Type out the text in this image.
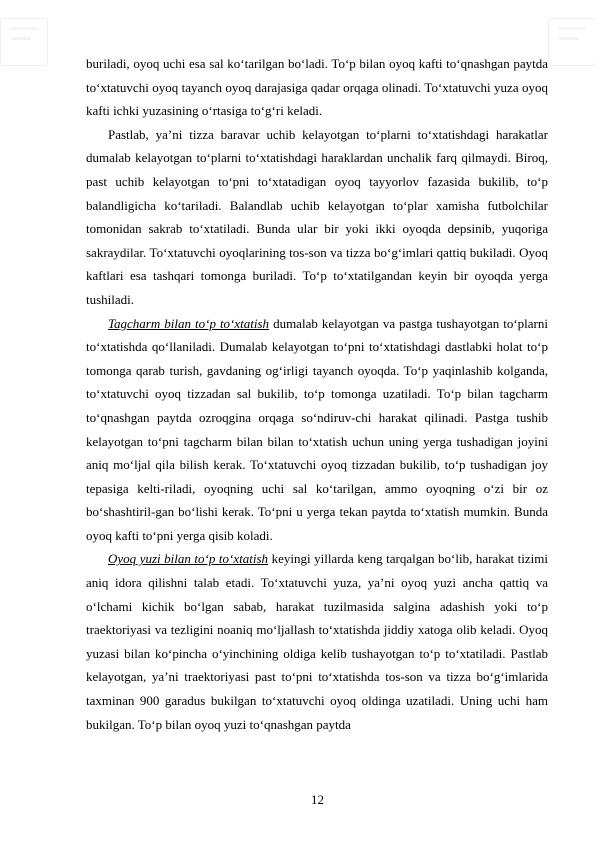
buriladi, oyoq uchi esa sal ko‘tarilgan bo‘ladi. To‘p bilan oyoq kafti to‘qnashgan paytda to‘xtatuvchi oyoq tayanch oyoq darajasiga qadar orqaga olinadi. To‘xtatuvchi yuza oyoq kafti ichki yuzasining o‘rtasiga to‘g‘ri keladi.

Pastlab, ya’ni tizza baravar uchib kelayotgan to‘plarni to‘xtatishdagi harakatlar dumalab kelayotgan to‘plarni to‘xtatishdagi haraklardan unchalik farq qilmaydi. Biroq, past uchib kelayotgan to‘pni to‘xtatadigan oyoq tayyorlov fazasida bukilib, to‘p balandligicha ko‘tariladi. Balandlab uchib kelayotgan to‘plar xamisha futbolchilar tomonidan sakrab to‘xtatiladi. Bunda ular bir yoki ikki oyoqda depsinib, yuqoriga sakraydilar. To‘xtatuvchi oyoqlarining tos-son va tizza bo‘g‘imlari qattiq bukiladi. Oyoq kaftlari esa tashqari tomonga buriladi. To‘p to‘xtatilgandan keyin bir oyoqda yerga tushiladi.

Tagcharm bilan to‘p to‘xtatish dumalab kelayotgan va pastga tushayotgan to‘plarni to‘xtatishda qo‘llaniladi. Dumalab kelayotgan to‘pni to‘xtatishdagi dastlabki holat to‘p tomonga qarab turish, gavdaning og‘irligi tayanch oyoqda. To‘p yaqinlashib kolganda, to‘xtatuvchi oyoq tizzadan sal bukilib, to‘p tomonga uzatiladi. To‘p bilan tagcharm to‘qnashgan paytda ozroqgina orqaga so‘ndiruv-chi harakat qilinadi. Pastga tushib kelayotgan to‘pni tagcharm bilan bilan to‘xtatish uchun uning yerga tushadigan joyini aniq mo‘ljal qila bilish kerak. To‘xtatuvchi oyoq tizzadan bukilib, to‘p tushadigan joy tepasiga kelti-riladi, oyoqning uchi sal ko‘tarilgan, ammo oyoqning o‘zi bir oz bo‘shashtiril-gan bo‘lishi kerak. To‘pni u yerga tekan paytda to‘xtatish mumkin. Bunda oyoq kafti to‘pni yerga qisib koladi.

Oyoq yuzi bilan to‘p to‘xtatish keyingi yillarda keng tarqalgan bo‘lib, harakat tizimi aniq idora qilishni talab etadi. To‘xtatuvchi yuza, ya’ni oyoq yuzi ancha qattiq va o‘lchami kichik bo‘lgan sabab, harakat tuzilmasida salgina adashish yoki to‘p traektoriyasi va tezligini noaniq mo‘ljallash to‘xtatishda jiddiy xatoga olib keladi. Oyoq yuzasi bilan ko‘pincha o‘yinchining oldiga kelib tushayotgan to‘p to‘xtatiladi. Pastlab kelayotgan, ya’ni traektoriyasi past to‘pni to‘xtatishda tos-son va tizza bo‘g‘imlarida taxminan 900 garadus bukilgan to‘xtatuvchi oyoq oldinga uzatiladi. Uning uchi ham bukilgan. To‘p bilan oyoq yuzi to‘qnashgan paytda

12
